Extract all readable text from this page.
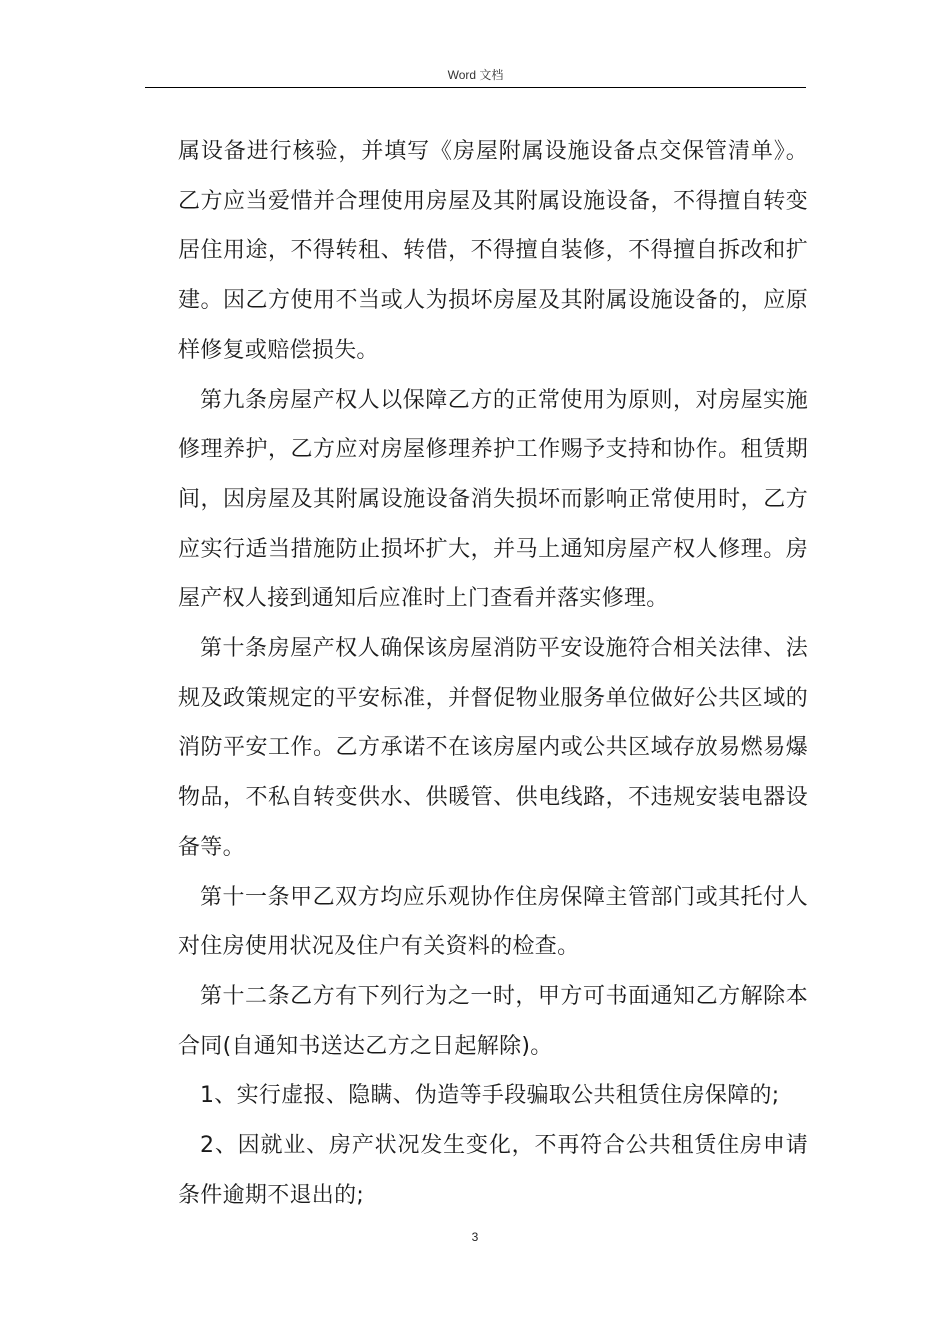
Word 文档

属设备进行核验，并填写《房屋附属设施设备点交保管清单》。乙方应当爱惜并合理使用房屋及其附属设施设备，不得擅自转变居住用途，不得转租、转借，不得擅自装修，不得擅自拆改和扩建。因乙方使用不当或人为损坏房屋及其附属设施设备的，应原样修复或赔偿损失。

第九条房屋产权人以保障乙方的正常使用为原则，对房屋实施修理养护，乙方应对房屋修理养护工作赐予支持和协作。租赁期间，因房屋及其附属设施设备消失损坏而影响正常使用时，乙方应实行适当措施防止损坏扩大，并马上通知房屋产权人修理。房屋产权人接到通知后应准时上门查看并落实修理。

第十条房屋产权人确保该房屋消防平安设施符合相关法律、法规及政策规定的平安标准，并督促物业服务单位做好公共区域的消防平安工作。乙方承诺不在该房屋内或公共区域存放易燃易爆物品，不私自转变供水、供暖管、供电线路，不违规安装电器设备等。

第十一条甲乙双方均应乐观协作住房保障主管部门或其托付人对住房使用状况及住户有关资料的检查。

第十二条乙方有下列行为之一时，甲方可书面通知乙方解除本合同(自通知书送达乙方之日起解除)。

1、实行虚报、隐瞒、伪造等手段骗取公共租赁住房保障的;

2、因就业、房产状况发生变化，不再符合公共租赁住房申请条件逾期不退出的;

3
